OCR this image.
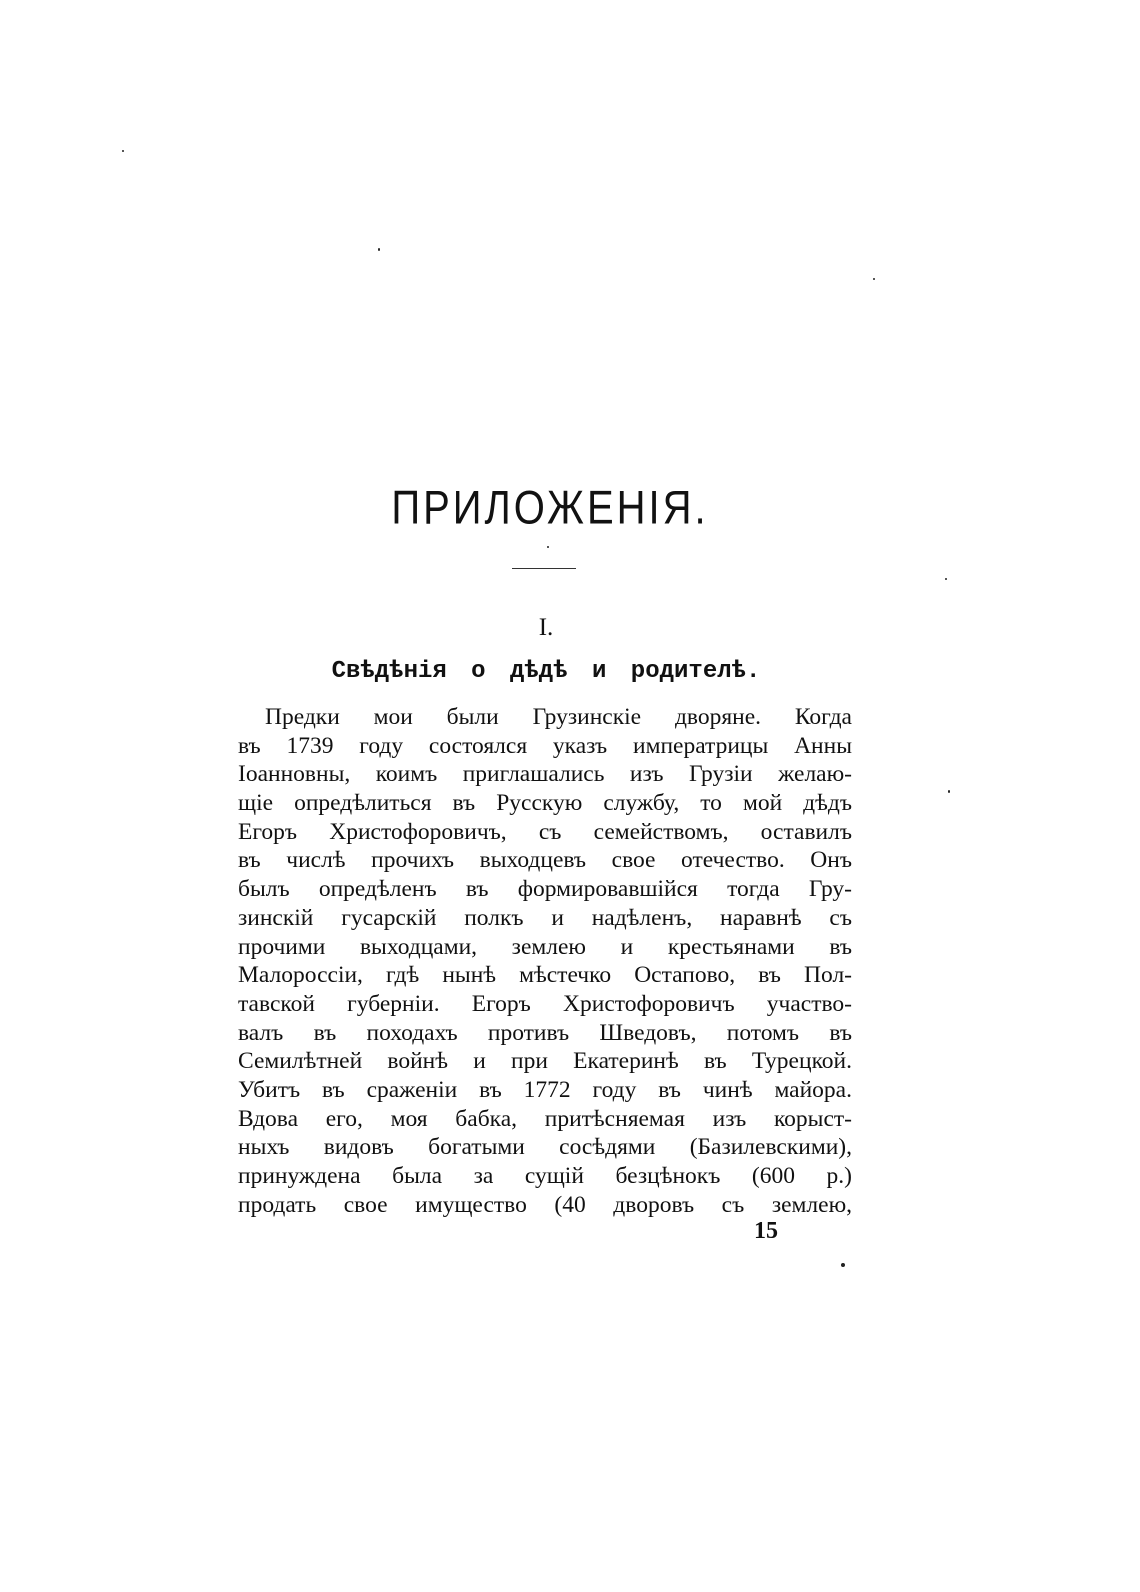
ПРИЛОЖЕНIЯ.
I.
Свѣдѣнiя о дѣдѣ и родителѣ.
Предки мои были Грузинскiе дворяне. Когда
въ 1739 году состоялся указъ императрицы Анны
Iоанновны, коимъ приглашались изъ Грузiи желаю-
щiе опредѣлиться въ Русскую службу, то мой дѣдъ
Егоръ Христофоровичъ, съ семействомъ, оставилъ
въ числѣ прочихъ выходцевъ свое отечество. Онъ
былъ опредѣленъ въ формировавшiйся тогда Гру-
зинскiй гусарскiй полкъ и надѣленъ, наравнѣ съ
прочими выходцами, землею и крестьянами въ
Малороссiи, гдѣ нынѣ мѣстечко Остапово, въ Пол-
тавской губернiи. Егоръ Христофоровичъ участво-
валъ въ походахъ противъ Шведовъ, потомъ въ
Семилѣтней войнѣ и при Екатеринѣ въ Турецкой.
Убитъ въ сраженiи въ 1772 году въ чинѣ майора.
Вдова его, моя бабка, притѣсняемая изъ корыст-
ныхъ видовъ богатыми сосѣдями (Базилевскими),
принуждена была за сущiй безцѣнокъ (600 р.)
продать свое имущество (40 дворовъ съ землею,
15
